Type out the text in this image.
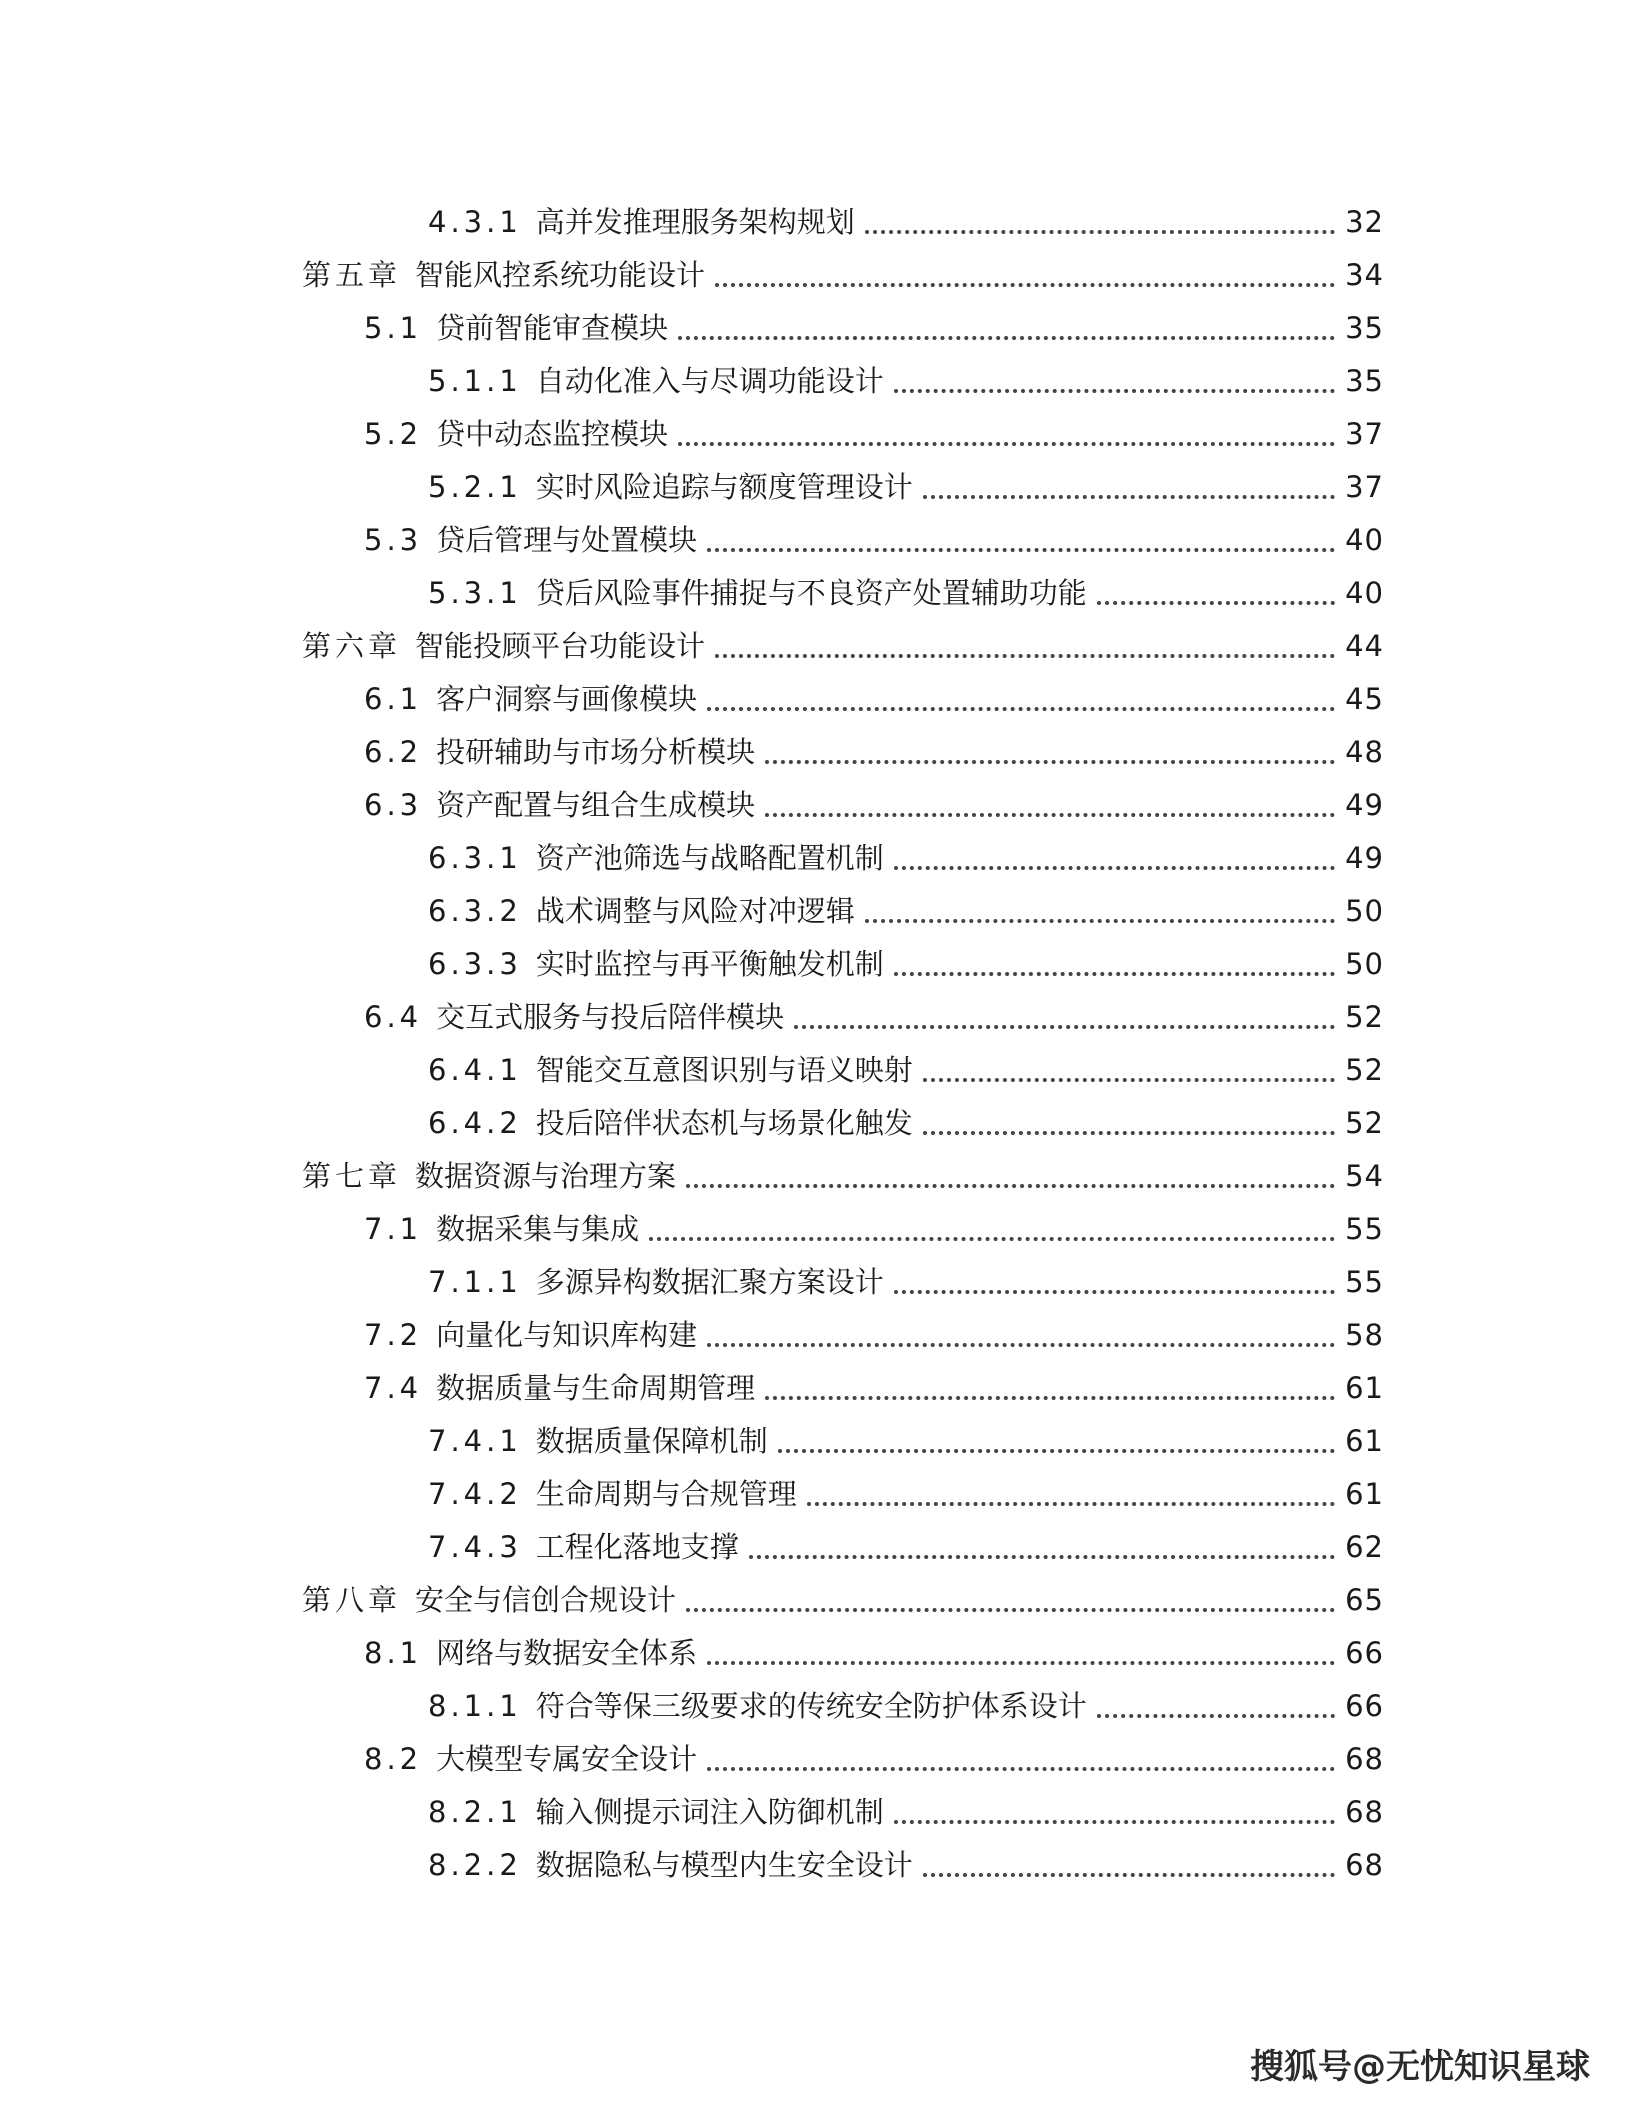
4.3.1 高并发推理服务架构规划	32
第五章 智能风控系统功能设计	34
5.1 贷前智能审查模块	35
5.1.1 自动化准入与尽调功能设计	35
5.2 贷中动态监控模块	37
5.2.1 实时风险追踪与额度管理设计	37
5.3 贷后管理与处置模块	40
5.3.1 贷后风险事件捕捉与不良资产处置辅助功能	40
第六章 智能投顾平台功能设计	44
6.1 客户洞察与画像模块	45
6.2 投研辅助与市场分析模块	48
6.3 资产配置与组合生成模块	49
6.3.1 资产池筛选与战略配置机制	49
6.3.2 战术调整与风险对冲逻辑	50
6.3.3 实时监控与再平衡触发机制	50
6.4 交互式服务与投后陪伴模块	52
6.4.1 智能交互意图识别与语义映射	52
6.4.2 投后陪伴状态机与场景化触发	52
第七章 数据资源与治理方案	54
7.1 数据采集与集成	55
7.1.1 多源异构数据汇聚方案设计	55
7.2 向量化与知识库构建	58
7.4 数据质量与生命周期管理	61
7.4.1 数据质量保障机制	61
7.4.2 生命周期与合规管理	61
7.4.3 工程化落地支撑	62
第八章 安全与信创合规设计	65
8.1 网络与数据安全体系	66
8.1.1 符合等保三级要求的传统安全防护体系设计	66
8.2 大模型专属安全设计	68
8.2.1 输入侧提示词注入防御机制	68
8.2.2 数据隐私与模型内生安全设计	68
搜狐号@无忧知识星球
